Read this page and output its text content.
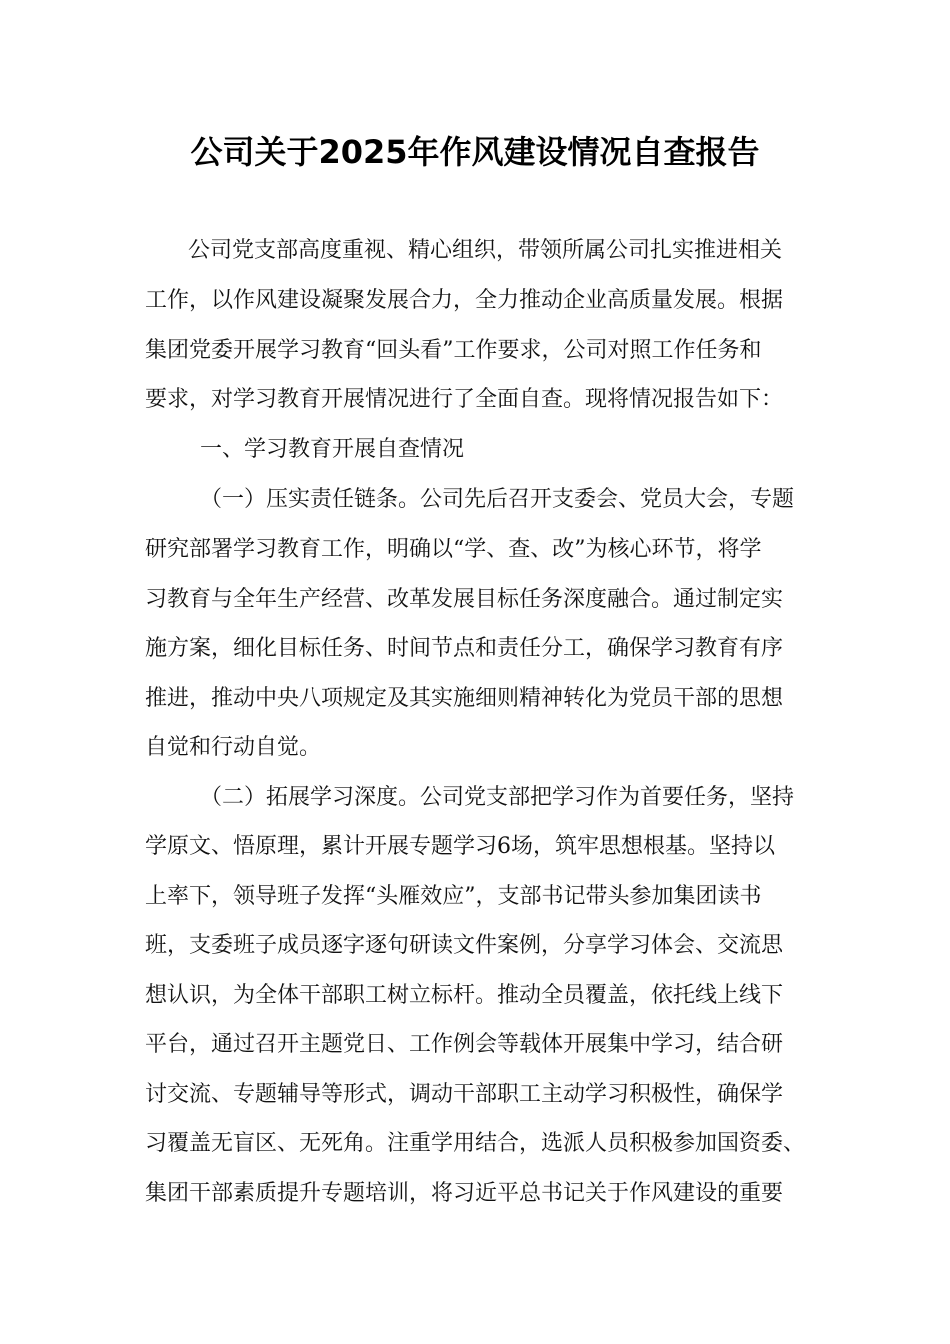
公司关于2025年作风建设情况自查报告
公司党支部高度重视、精心组织，带领所属公司扎实推进相关
工作，以作风建设凝聚发展合力，全力推动企业高质量发展。根据
集团党委开展学习教育“回头看”工作要求，公司对照工作任务和
要求，对学习教育开展情况进行了全面自查。现将情况报告如下：
一、学习教育开展自查情况
（一）压实责任链条。公司先后召开支委会、党员大会，专题
研究部署学习教育工作，明确以“学、查、改”为核心环节，将学
习教育与全年生产经营、改革发展目标任务深度融合。通过制定实
施方案，细化目标任务、时间节点和责任分工，确保学习教育有序
推进，推动中央八项规定及其实施细则精神转化为党员干部的思想
自觉和行动自觉。
（二）拓展学习深度。公司党支部把学习作为首要任务，坚持
学原文、悟原理，累计开展专题学习6场，筑牢思想根基。坚持以
上率下，领导班子发挥“头雁效应”，支部书记带头参加集团读书
班，支委班子成员逐字逐句研读文件案例，分享学习体会、交流思
想认识，为全体干部职工树立标杆。推动全员覆盖，依托线上线下
平台，通过召开主题党日、工作例会等载体开展集中学习，结合研
讨交流、专题辅导等形式，调动干部职工主动学习积极性，确保学
习覆盖无盲区、无死角。注重学用结合，选派人员积极参加国资委、
集团干部素质提升专题培训，将习近平总书记关于作风建设的重要
